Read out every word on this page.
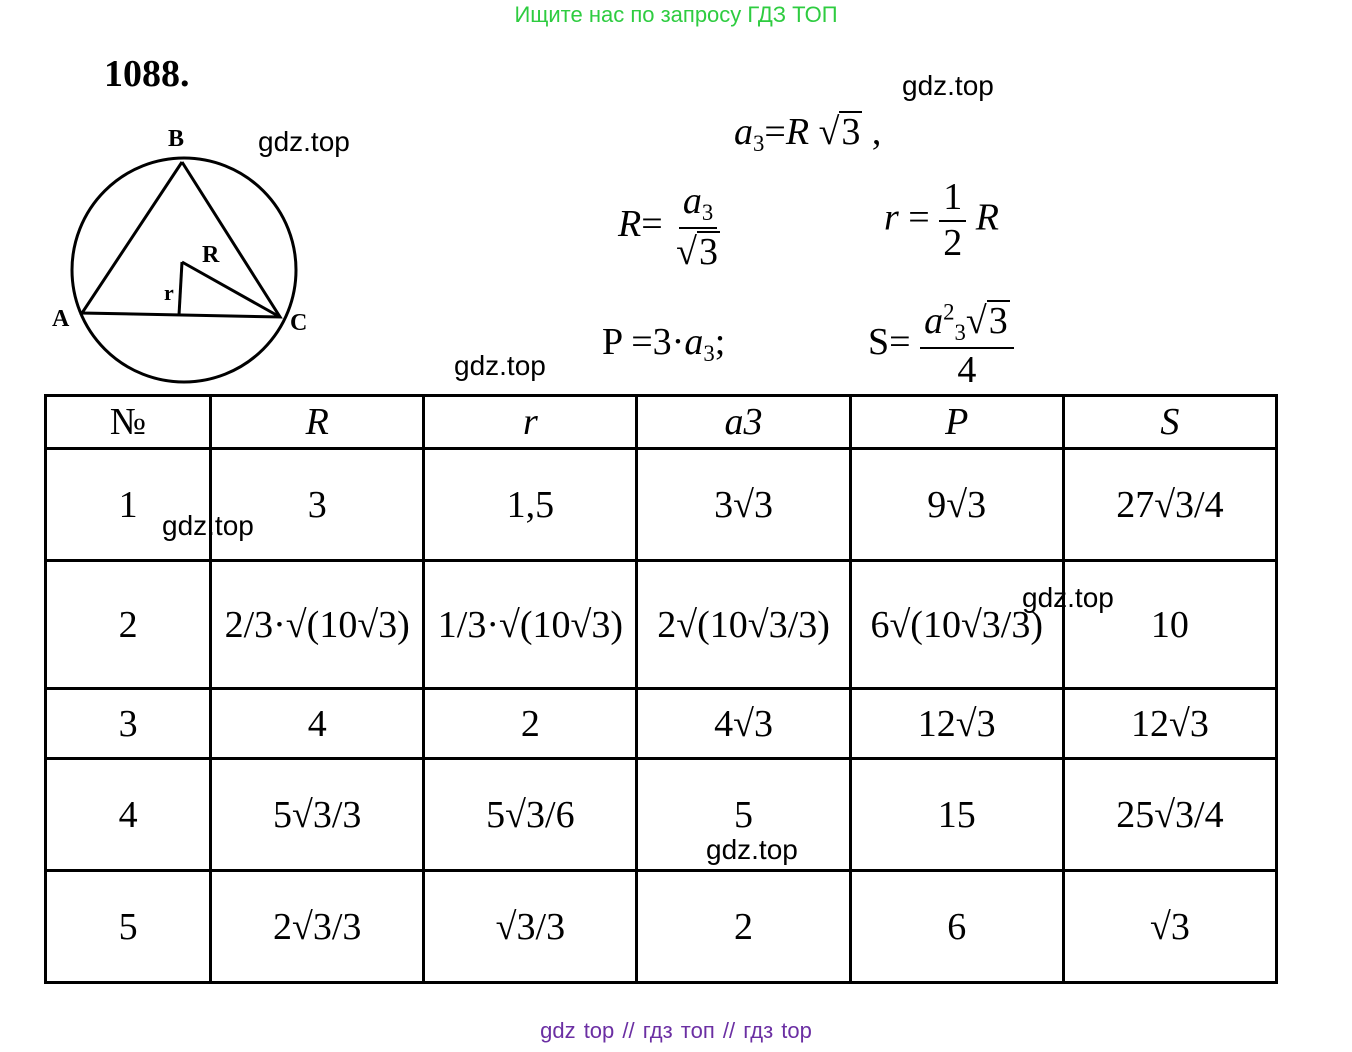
Ищите нас по запросу ГДЗ ТОП
1088.	gdz.top
gdz.top
gdz.top
B
A	C
R
r
$a_3=R$ √3 ,
$R= \frac{a_3}{√3}$	$r = \frac{1}{2}$ R
$P =3\cdot a_3$;	$S= \frac{a^2_3√3}{4}$
№	R	r	a3	P	S
1	3	1,5	3√3	9√3	27√3/4
2	2/3·√(10√3)	1/3·√(10√3)	2√(10√3/3)	6√(10√3/3)	10
3	4	2	4√3	12√3	12√3
4	5√3/3	5√3/6	5	15	25√3/4
5	2√3/3	√3/3	2	6	√3
gdz.top
gdz.top
gdz.top
gdz top // гдз топ // гдз top
